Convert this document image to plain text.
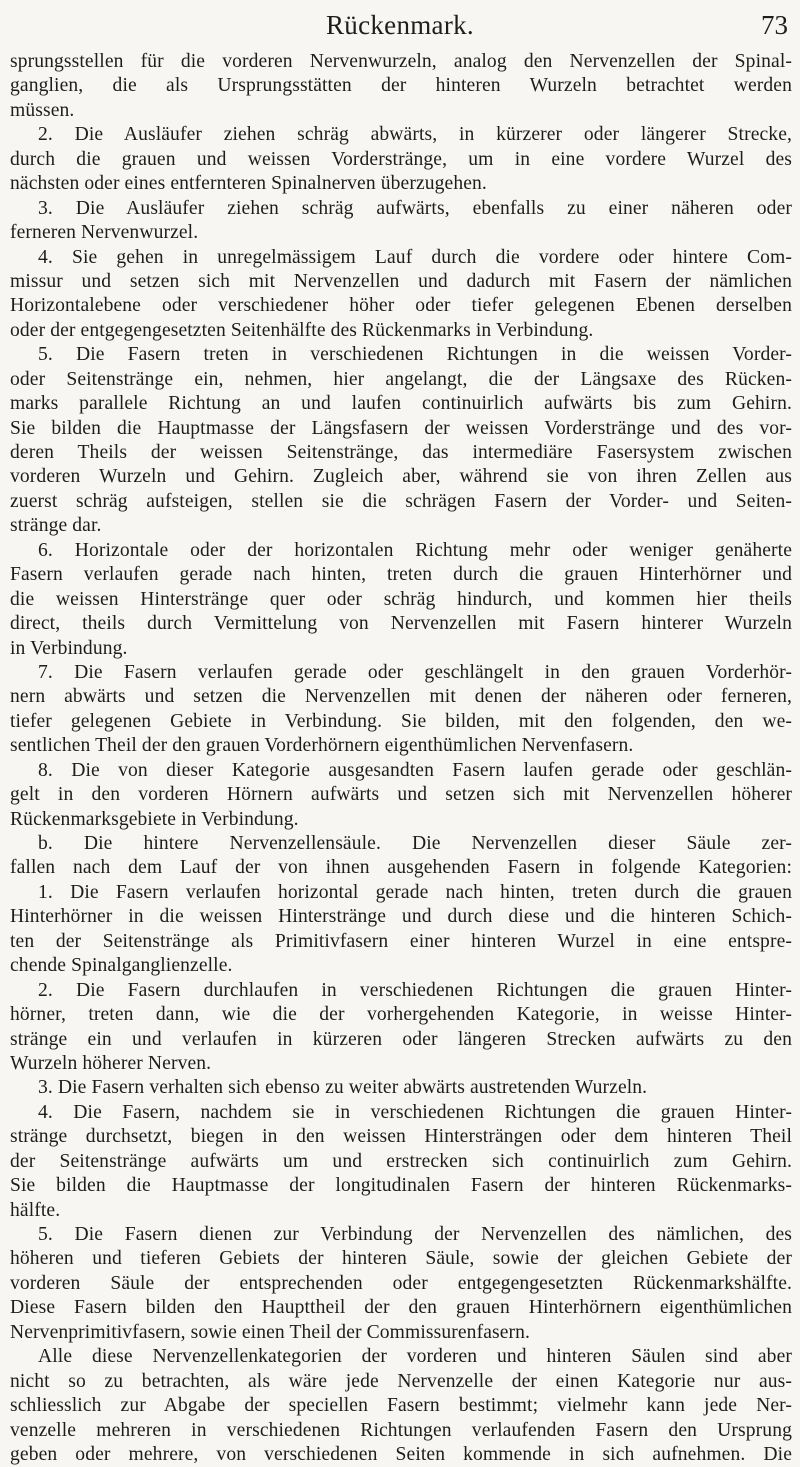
Rückenmark.	73
sprungsstellen für die vorderen Nervenwurzeln, analog den Nervenzellen der Spinal-
ganglien, die als Ursprungsstätten der hinteren Wurzeln betrachtet werden
müssen.
2. Die Ausläufer ziehen schräg abwärts, in kürzerer oder längerer Strecke,
durch die grauen und weissen Vorderstränge, um in eine vordere Wurzel des
nächsten oder eines entfernteren Spinalnerven überzugehen.
3. Die Ausläufer ziehen schräg aufwärts, ebenfalls zu einer näheren oder
ferneren Nervenwurzel.
4. Sie gehen in unregelmässigem Lauf durch die vordere oder hintere Com-
missur und setzen sich mit Nervenzellen und dadurch mit Fasern der nämlichen
Horizontalebene oder verschiedener höher oder tiefer gelegenen Ebenen derselben
oder der entgegengesetzten Seitenhälfte des Rückenmarks in Verbindung.
5. Die Fasern treten in verschiedenen Richtungen in die weissen Vorder-
oder Seitenstränge ein, nehmen, hier angelangt, die der Längsaxe des Rücken-
marks parallele Richtung an und laufen continuirlich aufwärts bis zum Gehirn.
Sie bilden die Hauptmasse der Längsfasern der weissen Vorderstränge und des vor-
deren Theils der weissen Seitenstränge, das intermediäre Fasersystem zwischen
vorderen Wurzeln und Gehirn. Zugleich aber, während sie von ihren Zellen aus
zuerst schräg aufsteigen, stellen sie die schrägen Fasern der Vorder- und Seiten-
stränge dar.
6. Horizontale oder der horizontalen Richtung mehr oder weniger genäherte
Fasern verlaufen gerade nach hinten, treten durch die grauen Hinterhörner und
die weissen Hinterstränge quer oder schräg hindurch, und kommen hier theils
direct, theils durch Vermittelung von Nervenzellen mit Fasern hinterer Wurzeln
in Verbindung.
7. Die Fasern verlaufen gerade oder geschlängelt in den grauen Vorderhör-
nern abwärts und setzen die Nervenzellen mit denen der näheren oder ferneren,
tiefer gelegenen Gebiete in Verbindung. Sie bilden, mit den folgenden, den we-
sentlichen Theil der den grauen Vorderhörnern eigenthümlichen Nervenfasern.
8. Die von dieser Kategorie ausgesandten Fasern laufen gerade oder geschlän-
gelt in den vorderen Hörnern aufwärts und setzen sich mit Nervenzellen höherer
Rückenmarksgebiete in Verbindung.
b. Die hintere Nervenzellensäule. Die Nervenzellen dieser Säule zer-
fallen nach dem Lauf der von ihnen ausgehenden Fasern in folgende Kategorien:
1. Die Fasern verlaufen horizontal gerade nach hinten, treten durch die grauen
Hinterhörner in die weissen Hinterstränge und durch diese und die hinteren Schich-
ten der Seitenstränge als Primitivfasern einer hinteren Wurzel in eine entspre-
chende Spinalganglienzelle.
2. Die Fasern durchlaufen in verschiedenen Richtungen die grauen Hinter-
hörner, treten dann, wie die der vorhergehenden Kategorie, in weisse Hinter-
stränge ein und verlaufen in kürzeren oder längeren Strecken aufwärts zu den
Wurzeln höherer Nerven.
3. Die Fasern verhalten sich ebenso zu weiter abwärts austretenden Wurzeln.
4. Die Fasern, nachdem sie in verschiedenen Richtungen die grauen Hinter-
stränge durchsetzt, biegen in den weissen Hintersträngen oder dem hinteren Theil
der Seitenstränge aufwärts um und erstrecken sich continuirlich zum Gehirn.
Sie bilden die Hauptmasse der longitudinalen Fasern der hinteren Rückenmarks-
hälfte.
5. Die Fasern dienen zur Verbindung der Nervenzellen des nämlichen, des
höheren und tieferen Gebiets der hinteren Säule, sowie der gleichen Gebiete der
vorderen Säule der entsprechenden oder entgegengesetzten Rückenmarkshälfte.
Diese Fasern bilden den Haupttheil der den grauen Hinterhörnern eigenthümlichen
Nervenprimitivfasern, sowie einen Theil der Commissurenfasern.
Alle diese Nervenzellenkategorien der vorderen und hinteren Säulen sind aber
nicht so zu betrachten, als wäre jede Nervenzelle der einen Kategorie nur aus-
schliesslich zur Abgabe der speciellen Fasern bestimmt; vielmehr kann jede Ner-
venzelle mehreren in verschiedenen Richtungen verlaufenden Fasern den Ursprung
geben oder mehrere, von verschiedenen Seiten kommende in sich aufnehmen. Die
